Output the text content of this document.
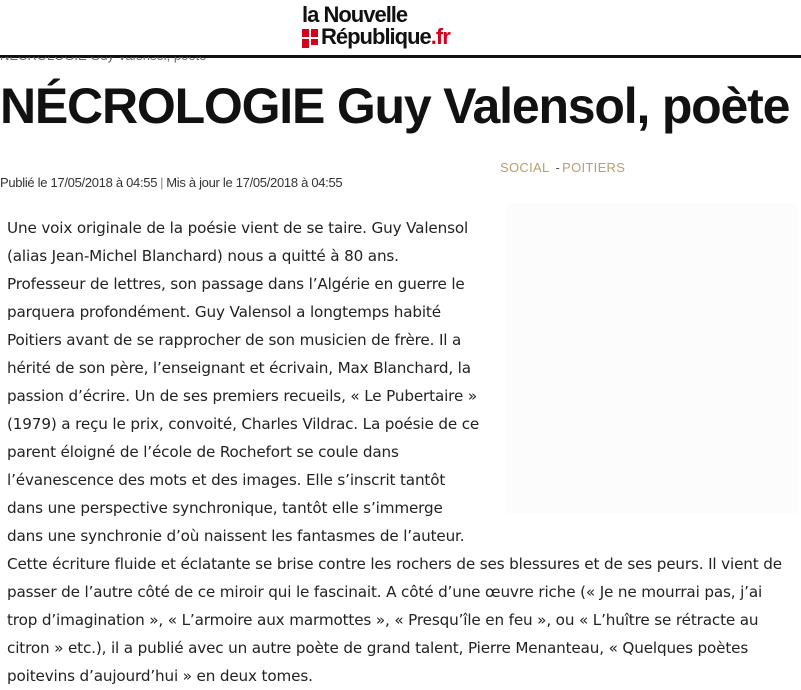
la Nouvelle
République.fr
NÉCROLOGIE Guy Valensol, poète
Publié le 17/05/2018 à 04:55 | Mis à jour le 17/05/2018 à 04:55
SOCIAL - POITIERS
Une voix originale de la poésie vient de se taire. Guy Valensol
(alias Jean-Michel Blanchard) nous a quitté à 80 ans.
Professeur de lettres, son passage dans l’Algérie en guerre le
parquera profondément. Guy Valensol a longtemps habité
Poitiers avant de se rapprocher de son musicien de frère. Il a
hérité de son père, l’enseignant et écrivain, Max Blanchard, la
passion d’écrire. Un de ses premiers recueils, « Le Pubertaire »
(1979) a reçu le prix, convoité, Charles Vildrac. La poésie de ce
parent éloigné de l’école de Rochefort se coule dans
l’évanescence des mots et des images. Elle s’inscrit tantôt
dans une perspective synchronique, tantôt elle s’immerge
dans une synchronie d’où naissent les fantasmes de l’auteur.
Cette écriture fluide et éclatante se brise contre les rochers de ses blessures et de ses peurs. Il vient de
passer de l’autre côté de ce miroir qui le fascinait. A côté d’une œuvre riche (« Je ne mourrai pas, j’ai
trop d’imagination », « L’armoire aux marmottes », « Presqu’île en feu », ou « L’huître se rétracte au
citron » etc.), il a publié avec un autre poète de grand talent, Pierre Menanteau, « Quelques poètes
poitevins d’aujourd’hui » en deux tomes.
